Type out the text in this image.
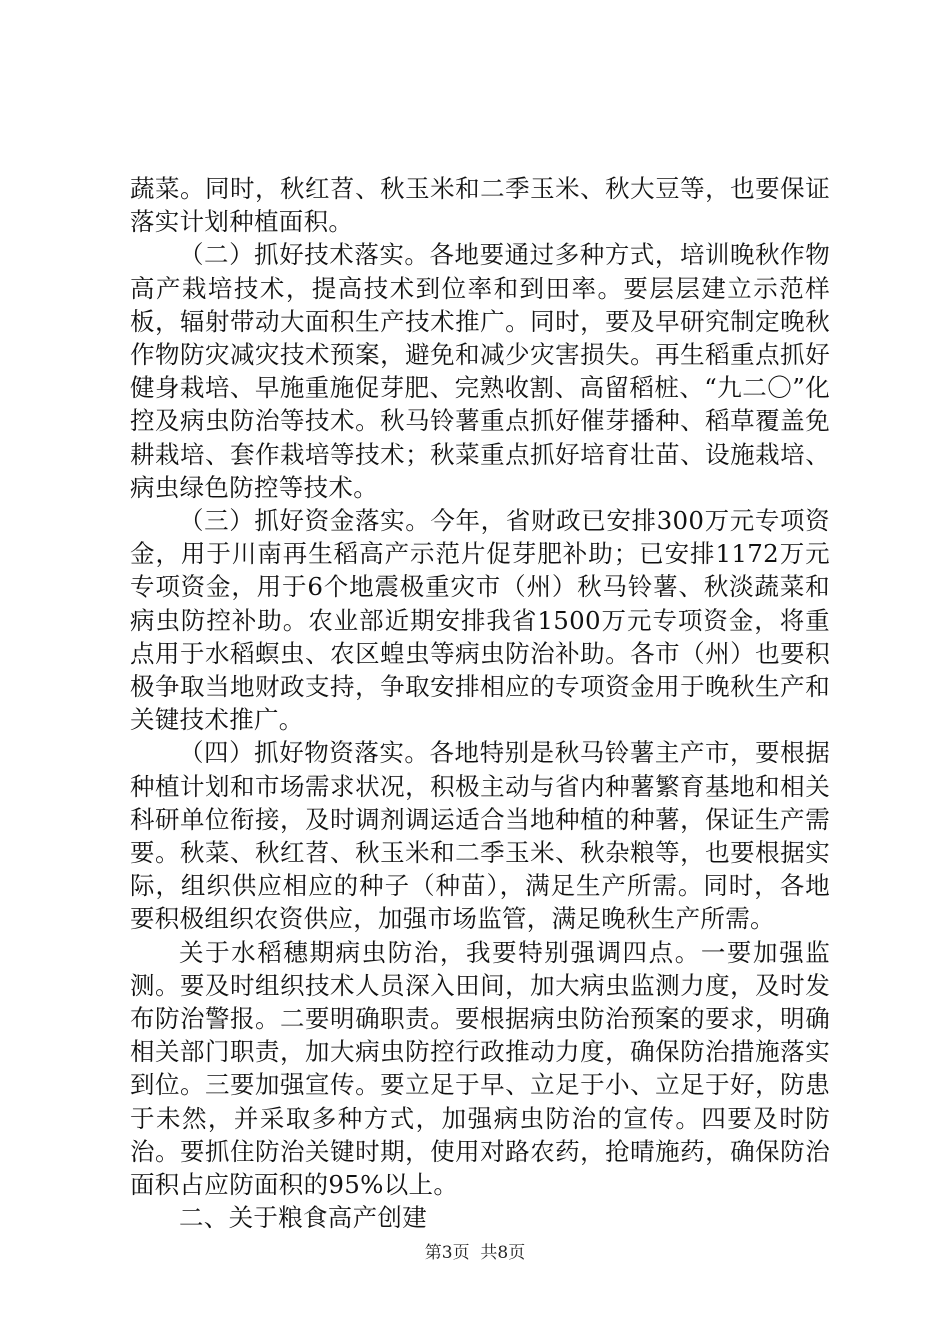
蔬菜。同时，秋红苕、秋玉米和二季玉米、秋大豆等，也要保证落实计划种植面积。

（二）抓好技术落实。各地要通过多种方式，培训晚秋作物高产栽培技术，提高技术到位率和到田率。要层层建立示范样板，辐射带动大面积生产技术推广。同时，要及早研究制定晚秋作物防灾减灾技术预案，避免和减少灾害损失。再生稻重点抓好健身栽培、早施重施促芽肥、完熟收割、高留稻桩、“九二〇”化控及病虫防治等技术。秋马铃薯重点抓好催芽播种、稻草覆盖免耕栽培、套作栽培等技术；秋菜重点抓好培育壮苗、设施栽培、病虫绿色防控等技术。

（三）抓好资金落实。今年，省财政已安排300万元专项资金，用于川南再生稻高产示范片促芽肥补助；已安排1172万元专项资金，用于6个地震极重灾市（州）秋马铃薯、秋淡蔬菜和病虫防控补助。农业部近期安排我省1500万元专项资金，将重点用于水稻螟虫、农区蝗虫等病虫防治补助。各市（州）也要积极争取当地财政支持，争取安排相应的专项资金用于晚秋生产和关键技术推广。

（四）抓好物资落实。各地特别是秋马铃薯主产市，要根据种植计划和市场需求状况，积极主动与省内种薯繁育基地和相关科研单位衔接，及时调剂调运适合当地种植的种薯，保证生产需要。秋菜、秋红苕、秋玉米和二季玉米、秋杂粮等，也要根据实际，组织供应相应的种子（种苗），满足生产所需。同时，各地要积极组织农资供应，加强市场监管，满足晚秋生产所需。

关于水稻穗期病虫防治，我要特别强调四点。一要加强监测。要及时组织技术人员深入田间，加大病虫监测力度，及时发布防治警报。二要明确职责。要根据病虫防治预案的要求，明确相关部门职责，加大病虫防控行政推动力度，确保防治措施落实到位。三要加强宣传。要立足于早、立足于小、立足于好，防患于未然，并采取多种方式，加强病虫防治的宣传。四要及时防治。要抓住防治关键时期，使用对路农药，抢晴施药，确保防治面积占应防面积的95%以上。

二、关于粮食高产创建

第3页 共8页
